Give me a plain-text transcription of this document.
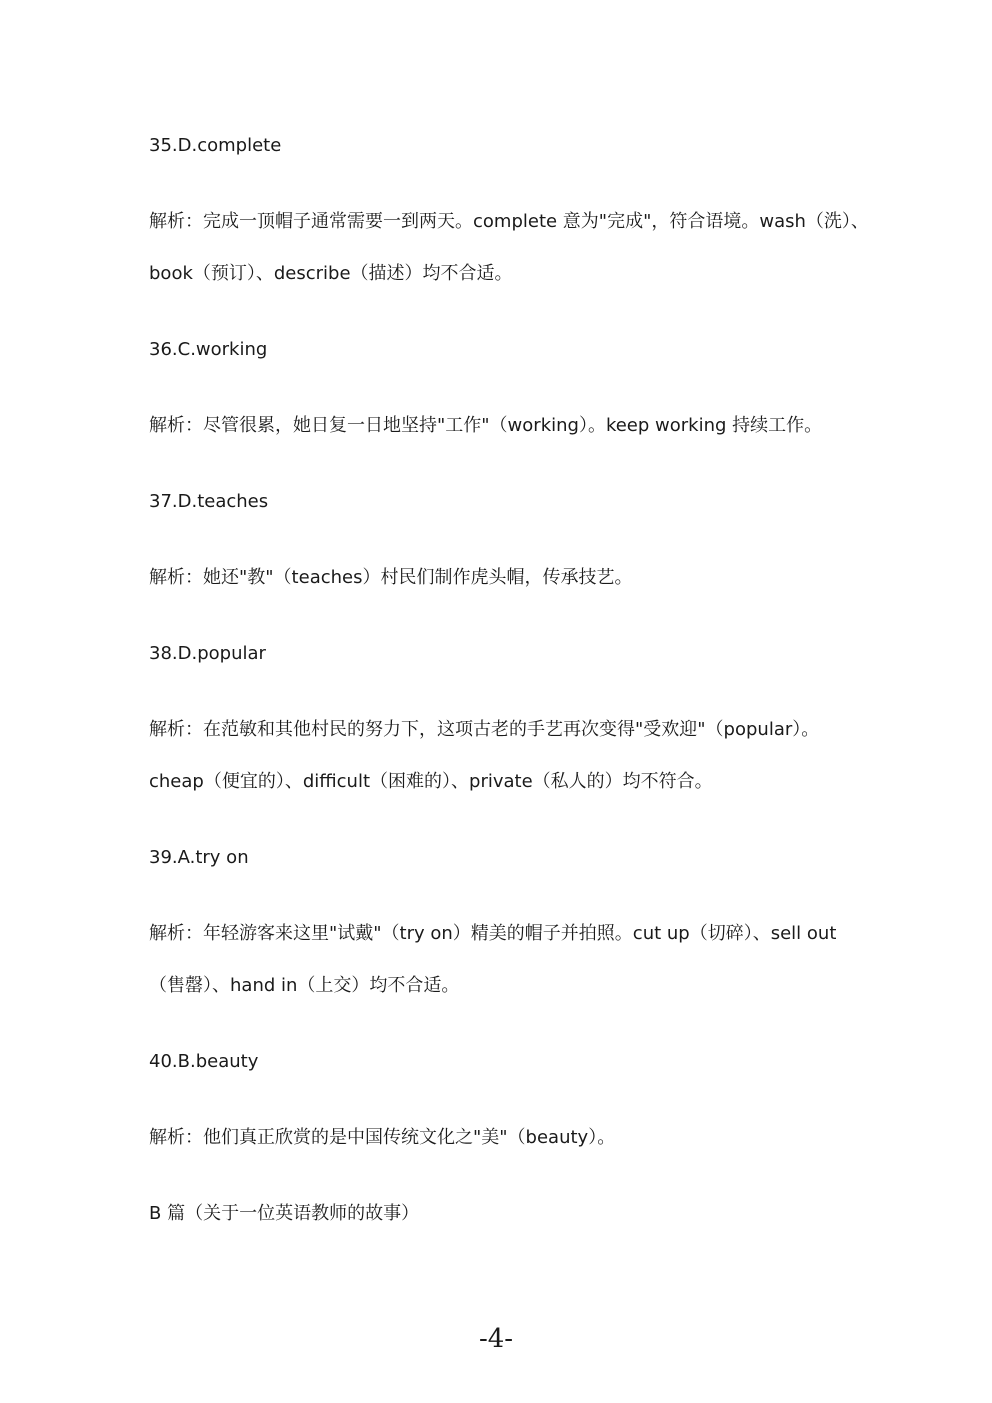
35.D.complete
解析：完成一顶帽子通常需要一到两天。complete 意为"完成"，符合语境。wash（洗）、
book（预订）、describe（描述）均不合适。
36.C.working
解析：尽管很累，她日复一日地坚持"工作"（working）。keep working 持续工作。
37.D.teaches
解析：她还"教"（teaches）村民们制作虎头帽，传承技艺。
38.D.popular
解析：在范敏和其他村民的努力下，这项古老的手艺再次变得"受欢迎"（popular）。
cheap（便宜的）、difficult（困难的）、private（私人的）均不符合。
39.A.try on
解析：年轻游客来这里"试戴"（try on）精美的帽子并拍照。cut up（切碎）、sell out
（售罄）、hand in（上交）均不合适。
40.B.beauty
解析：他们真正欣赏的是中国传统文化之"美"（beauty）。
B 篇（关于一位英语教师的故事）
-4-
